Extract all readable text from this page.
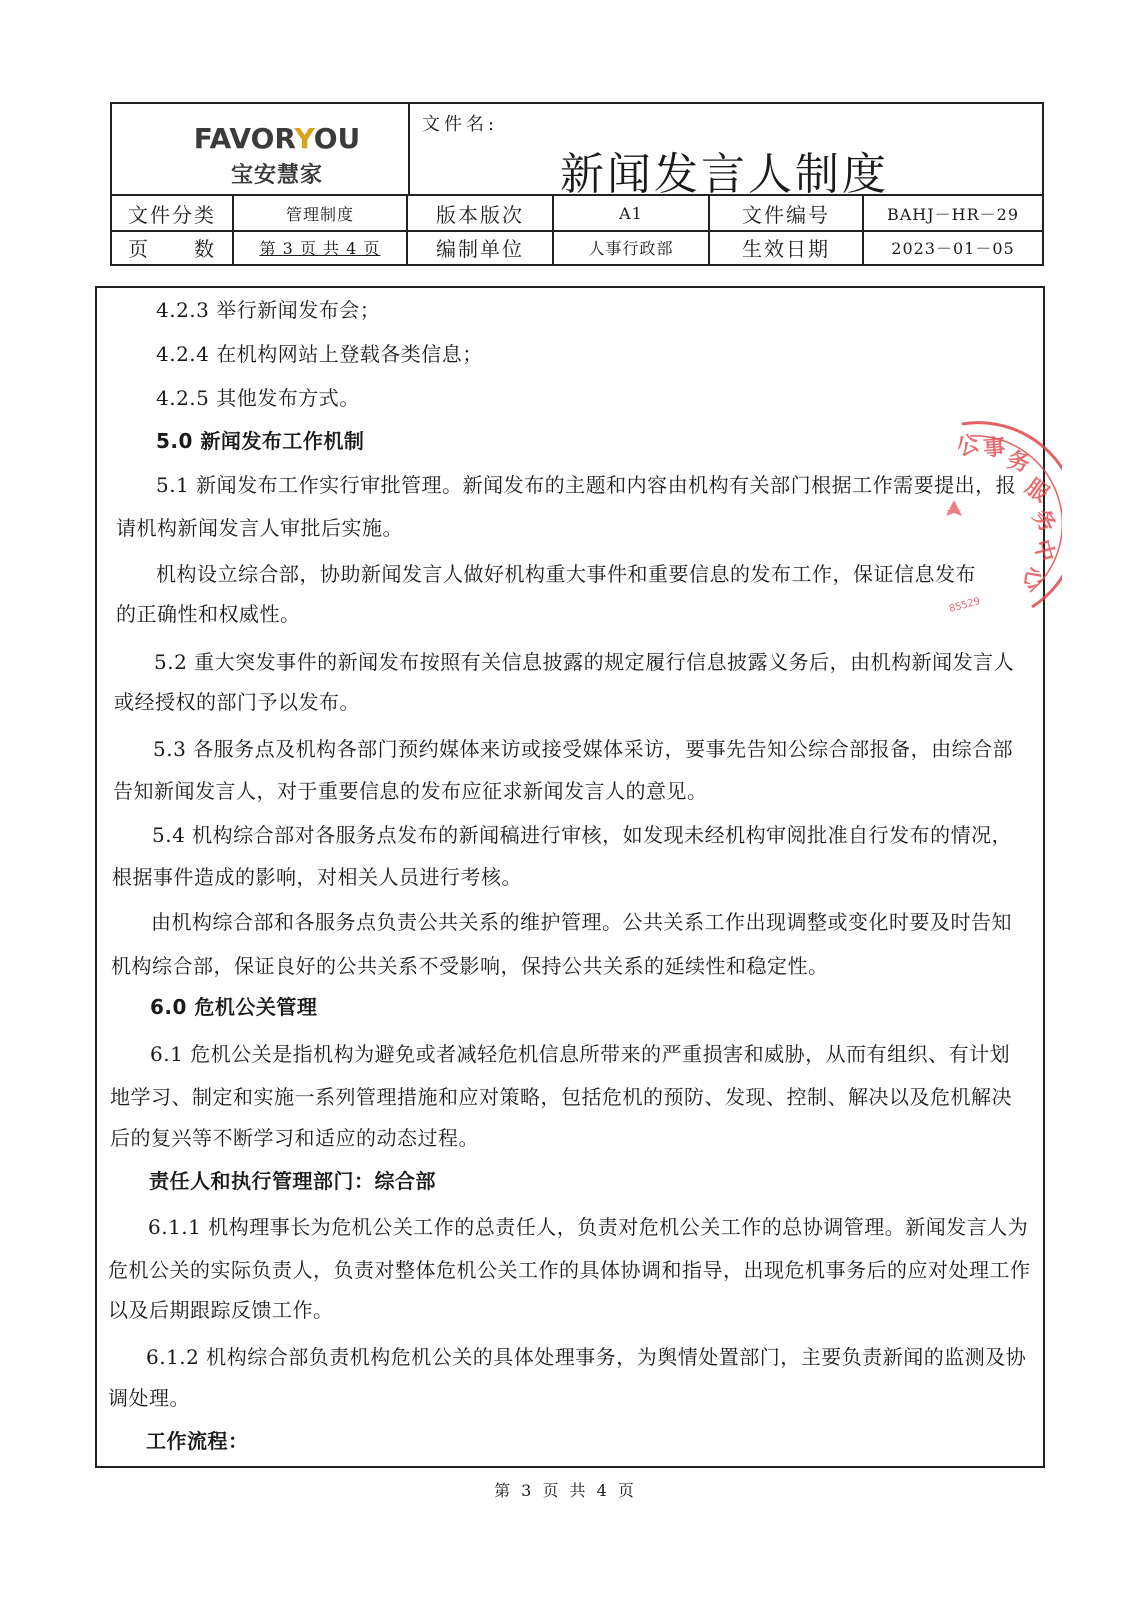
FAVORYOU
宝安慧家
文件名:
新闻发言人制度
文件分类	管理制度	版本版次	A1	文件编号	BAHJ－HR－29
页　　数	第 3 页 共 4 页	编制单位	人事行政部	生效日期	2023－01－05
4.2.3 举行新闻发布会；
4.2.4 在机构网站上登载各类信息；
4.2.5 其他发布方式。
5.0 新闻发布工作机制
5.1 新闻发布工作实行审批管理。新闻发布的主题和内容由机构有关部门根据工作需要提出，报
请机构新闻发言人审批后实施。
机构设立综合部，协助新闻发言人做好机构重大事件和重要信息的发布工作，保证信息发布
的正确性和权威性。
5.2 重大突发事件的新闻发布按照有关信息披露的规定履行信息披露义务后，由机构新闻发言人
或经授权的部门予以发布。
5.3 各服务点及机构各部门预约媒体来访或接受媒体采访，要事先告知公综合部报备，由综合部
告知新闻发言人，对于重要信息的发布应征求新闻发言人的意见。
5.4 机构综合部对各服务点发布的新闻稿进行审核，如发现未经机构审阅批准自行发布的情况，
根据事件造成的影响，对相关人员进行考核。
由机构综合部和各服务点负责公共关系的维护管理。公共关系工作出现调整或变化时要及时告知
机构综合部，保证良好的公共关系不受影响，保持公共关系的延续性和稳定性。
6.0 危机公关管理
6.1 危机公关是指机构为避免或者减轻危机信息所带来的严重损害和威胁，从而有组织、有计划
地学习、制定和实施一系列管理措施和应对策略，包括危机的预防、发现、控制、解决以及危机解决
后的复兴等不断学习和适应的动态过程。
责任人和执行管理部门：综合部
6.1.1 机构理事长为危机公关工作的总责任人，负责对危机公关工作的总协调管理。新闻发言人为
危机公关的实际负责人，负责对整体危机公关工作的具体协调和指导，出现危机事务后的应对处理工作
以及后期跟踪反馈工作。
6.1.2 机构综合部负责机构危机公关的具体处理事务，为舆情处置部门，主要负责新闻的监测及协
调处理。
工作流程：
公 事
务
服
务
中
心
85529
第 3 页 共 4 页
